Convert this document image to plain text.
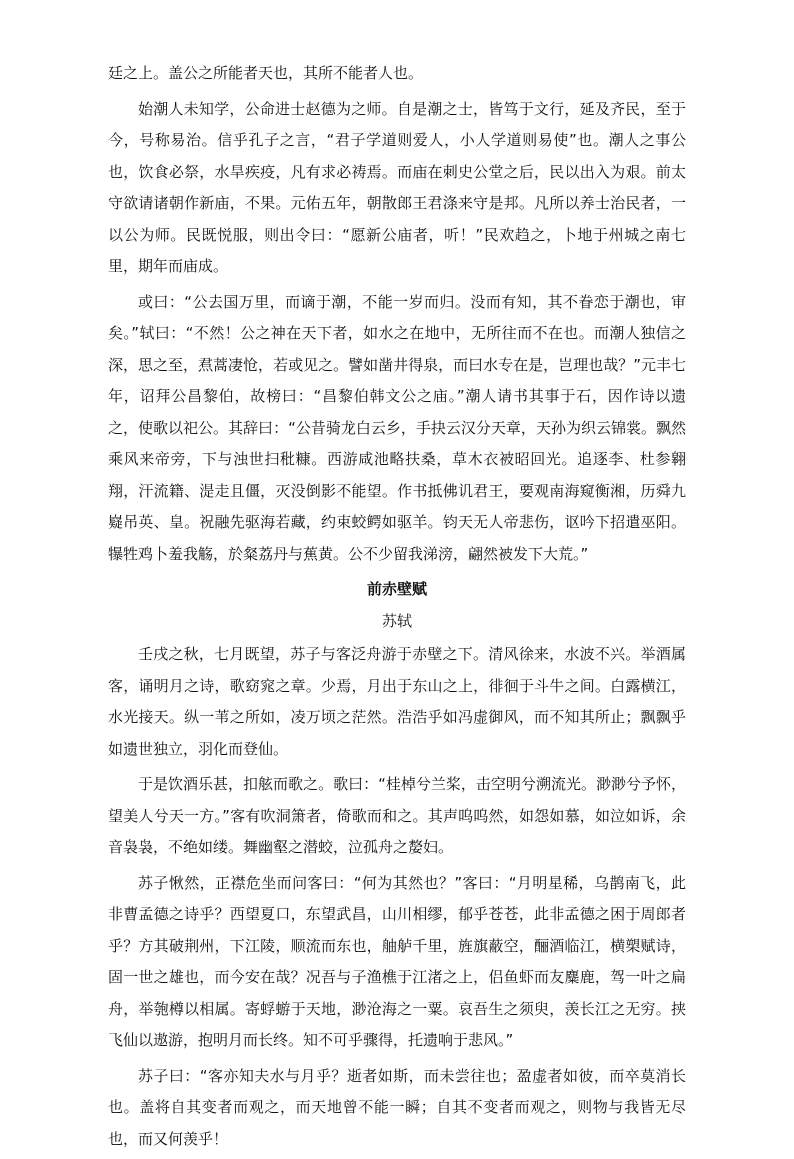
廷之上。盖公之所能者天也，其所不能者人也。

始潮人未知学，公命进士赵德为之师。自是潮之士，皆笃于文行，延及齐民，至于今，号称易治。信乎孔子之言，“君子学道则爱人，小人学道则易使”也。潮人之事公也，饮食必祭，水旱疾疫，凡有求必祷焉。而庙在刺史公堂之后，民以出入为艰。前太守欲请诸朝作新庙，不果。元佑五年，朝散郎王君涤来守是邦。凡所以养士治民者，一以公为师。民既悦服，则出令曰：“愿新公庙者，听！”民欢趋之，卜地于州城之南七里，期年而庙成。

或曰：“公去国万里，而谪于潮，不能一岁而归。没而有知，其不眷恋于潮也，审矣。”轼曰：“不然！公之神在天下者，如水之在地中，无所往而不在也。而潮人独信之深，思之至，焄蒿凄怆，若或见之。譬如凿井得泉，而曰水专在是，岂理也哉？”元丰七年，诏拜公昌黎伯，故榜曰：“昌黎伯韩文公之庙。”潮人请书其事于石，因作诗以遗之，使歌以祀公。其辞曰：“公昔骑龙白云乡，手抉云汉分天章，天孙为织云锦裳。飘然乘风来帝旁，下与浊世扫秕糠。西游咸池略扶桑，草木衣被昭回光。追逐李、杜参翱翔，汗流籍、湜走且僵，灭没倒影不能望。作书抵佛讥君王，要观南海窥衡湘，历舜九嶷吊英、皇。祝融先驱海若藏，约束蛟鳄如驱羊。钧天无人帝悲伤，讴吟下招遣巫阳。犦牲鸡卜羞我觞，於粲荔丹与蕉黄。公不少留我涕滂，翩然被发下大荒。”

前赤壁赋

苏轼

壬戌之秋，七月既望，苏子与客泛舟游于赤壁之下。清风徐来，水波不兴。举酒属客，诵明月之诗，歌窈窕之章。少焉，月出于东山之上，徘徊于斗牛之间。白露横江，水光接天。纵一苇之所如，凌万顷之茫然。浩浩乎如冯虚御风，而不知其所止；飘飘乎如遗世独立，羽化而登仙。

于是饮酒乐甚，扣舷而歌之。歌曰：“桂棹兮兰桨，击空明兮溯流光。渺渺兮予怀，望美人兮天一方。”客有吹洞箫者，倚歌而和之。其声呜呜然，如怨如慕，如泣如诉，余音袅袅，不绝如缕。舞幽壑之潜蛟，泣孤舟之嫠妇。

苏子愀然，正襟危坐而问客曰：“何为其然也？”客曰：“月明星稀，乌鹊南飞，此非曹孟德之诗乎？西望夏口，东望武昌，山川相缪，郁乎苍苍，此非孟德之困于周郎者乎？方其破荆州，下江陵，顺流而东也，舳舻千里，旌旗蔽空，酾酒临江，横槊赋诗，固一世之雄也，而今安在哉？况吾与子渔樵于江渚之上，侣鱼虾而友麋鹿，驾一叶之扁舟，举匏樽以相属。寄蜉蝣于天地，渺沧海之一粟。哀吾生之须臾，羡长江之无穷。挟飞仙以遨游，抱明月而长终。知不可乎骤得，托遗响于悲风。”

苏子曰：“客亦知夫水与月乎？逝者如斯，而未尝往也；盈虚者如彼，而卒莫消长也。盖将自其变者而观之，而天地曾不能一瞬；自其不变者而观之，则物与我皆无尽也，而又何羡乎！
